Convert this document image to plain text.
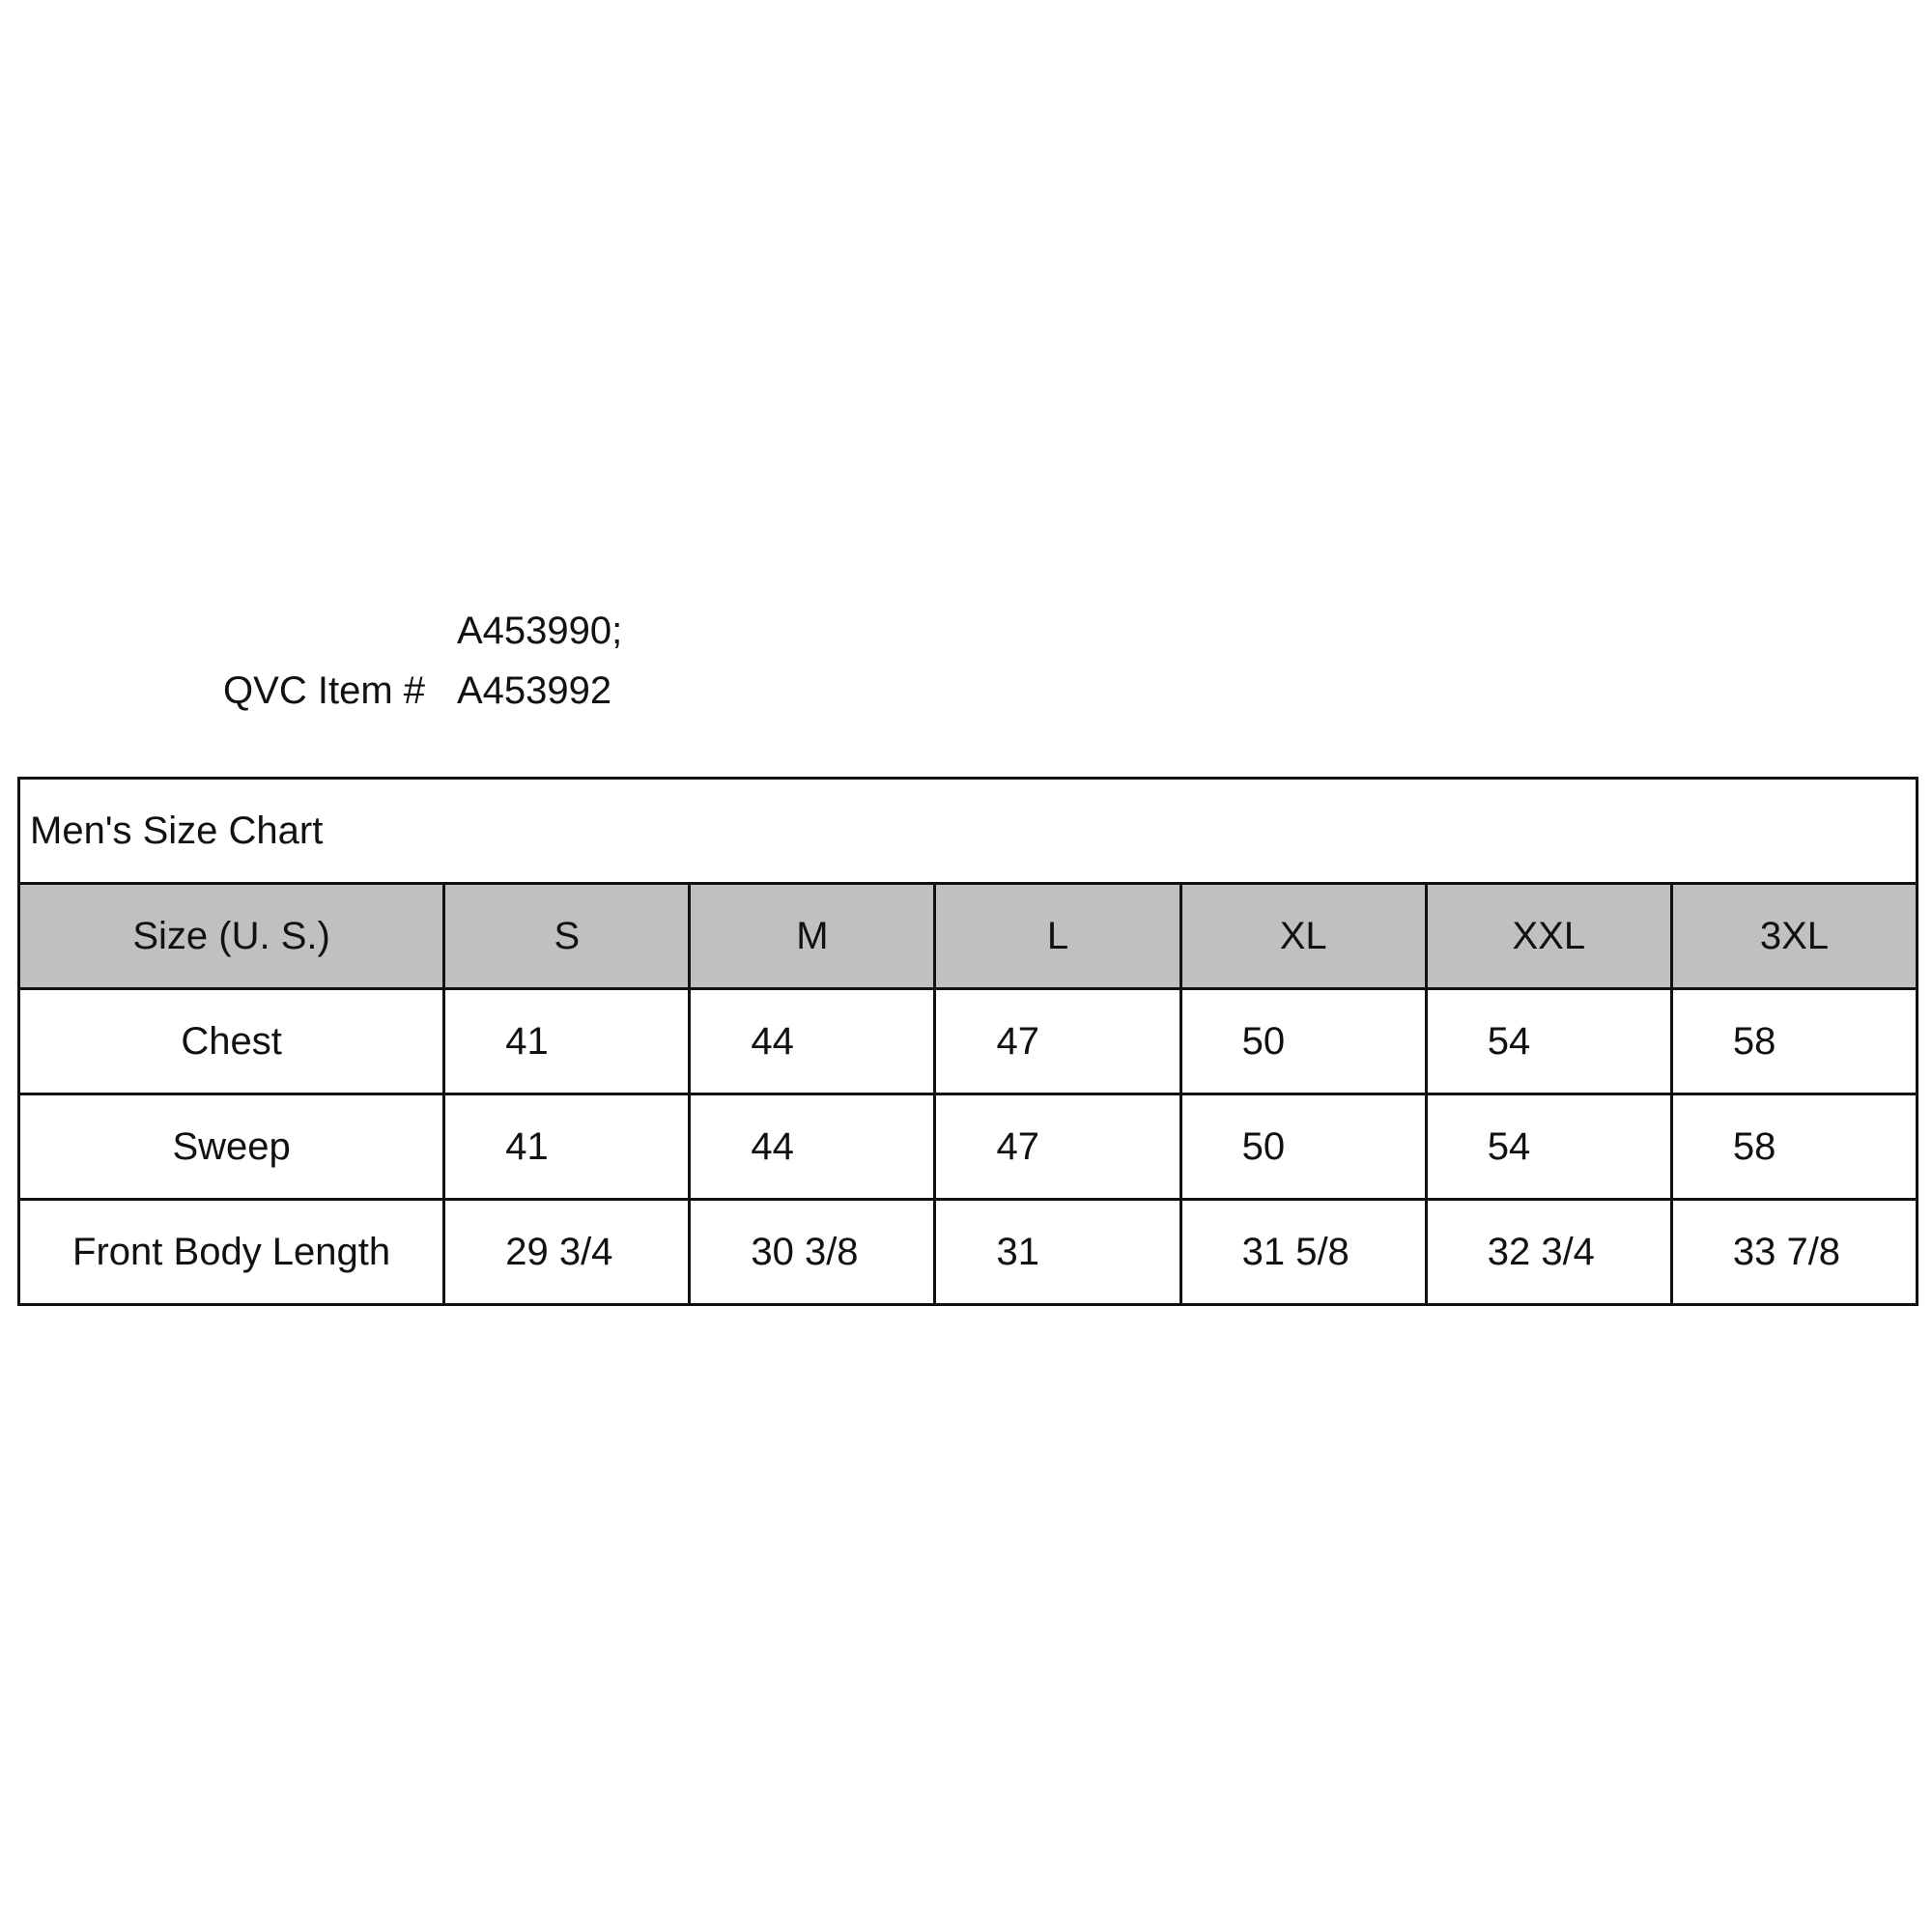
QVC Item #
A453990;
A453992
Men's Size Chart						
Size (U. S.)	S	M	L	XL	XXL	3XL
Chest	41	44	47	50	54	58
Sweep	41	44	47	50	54	58
Front Body Length	29 3/4	30 3/8	31	31 5/8	32 3/4	33 7/8
